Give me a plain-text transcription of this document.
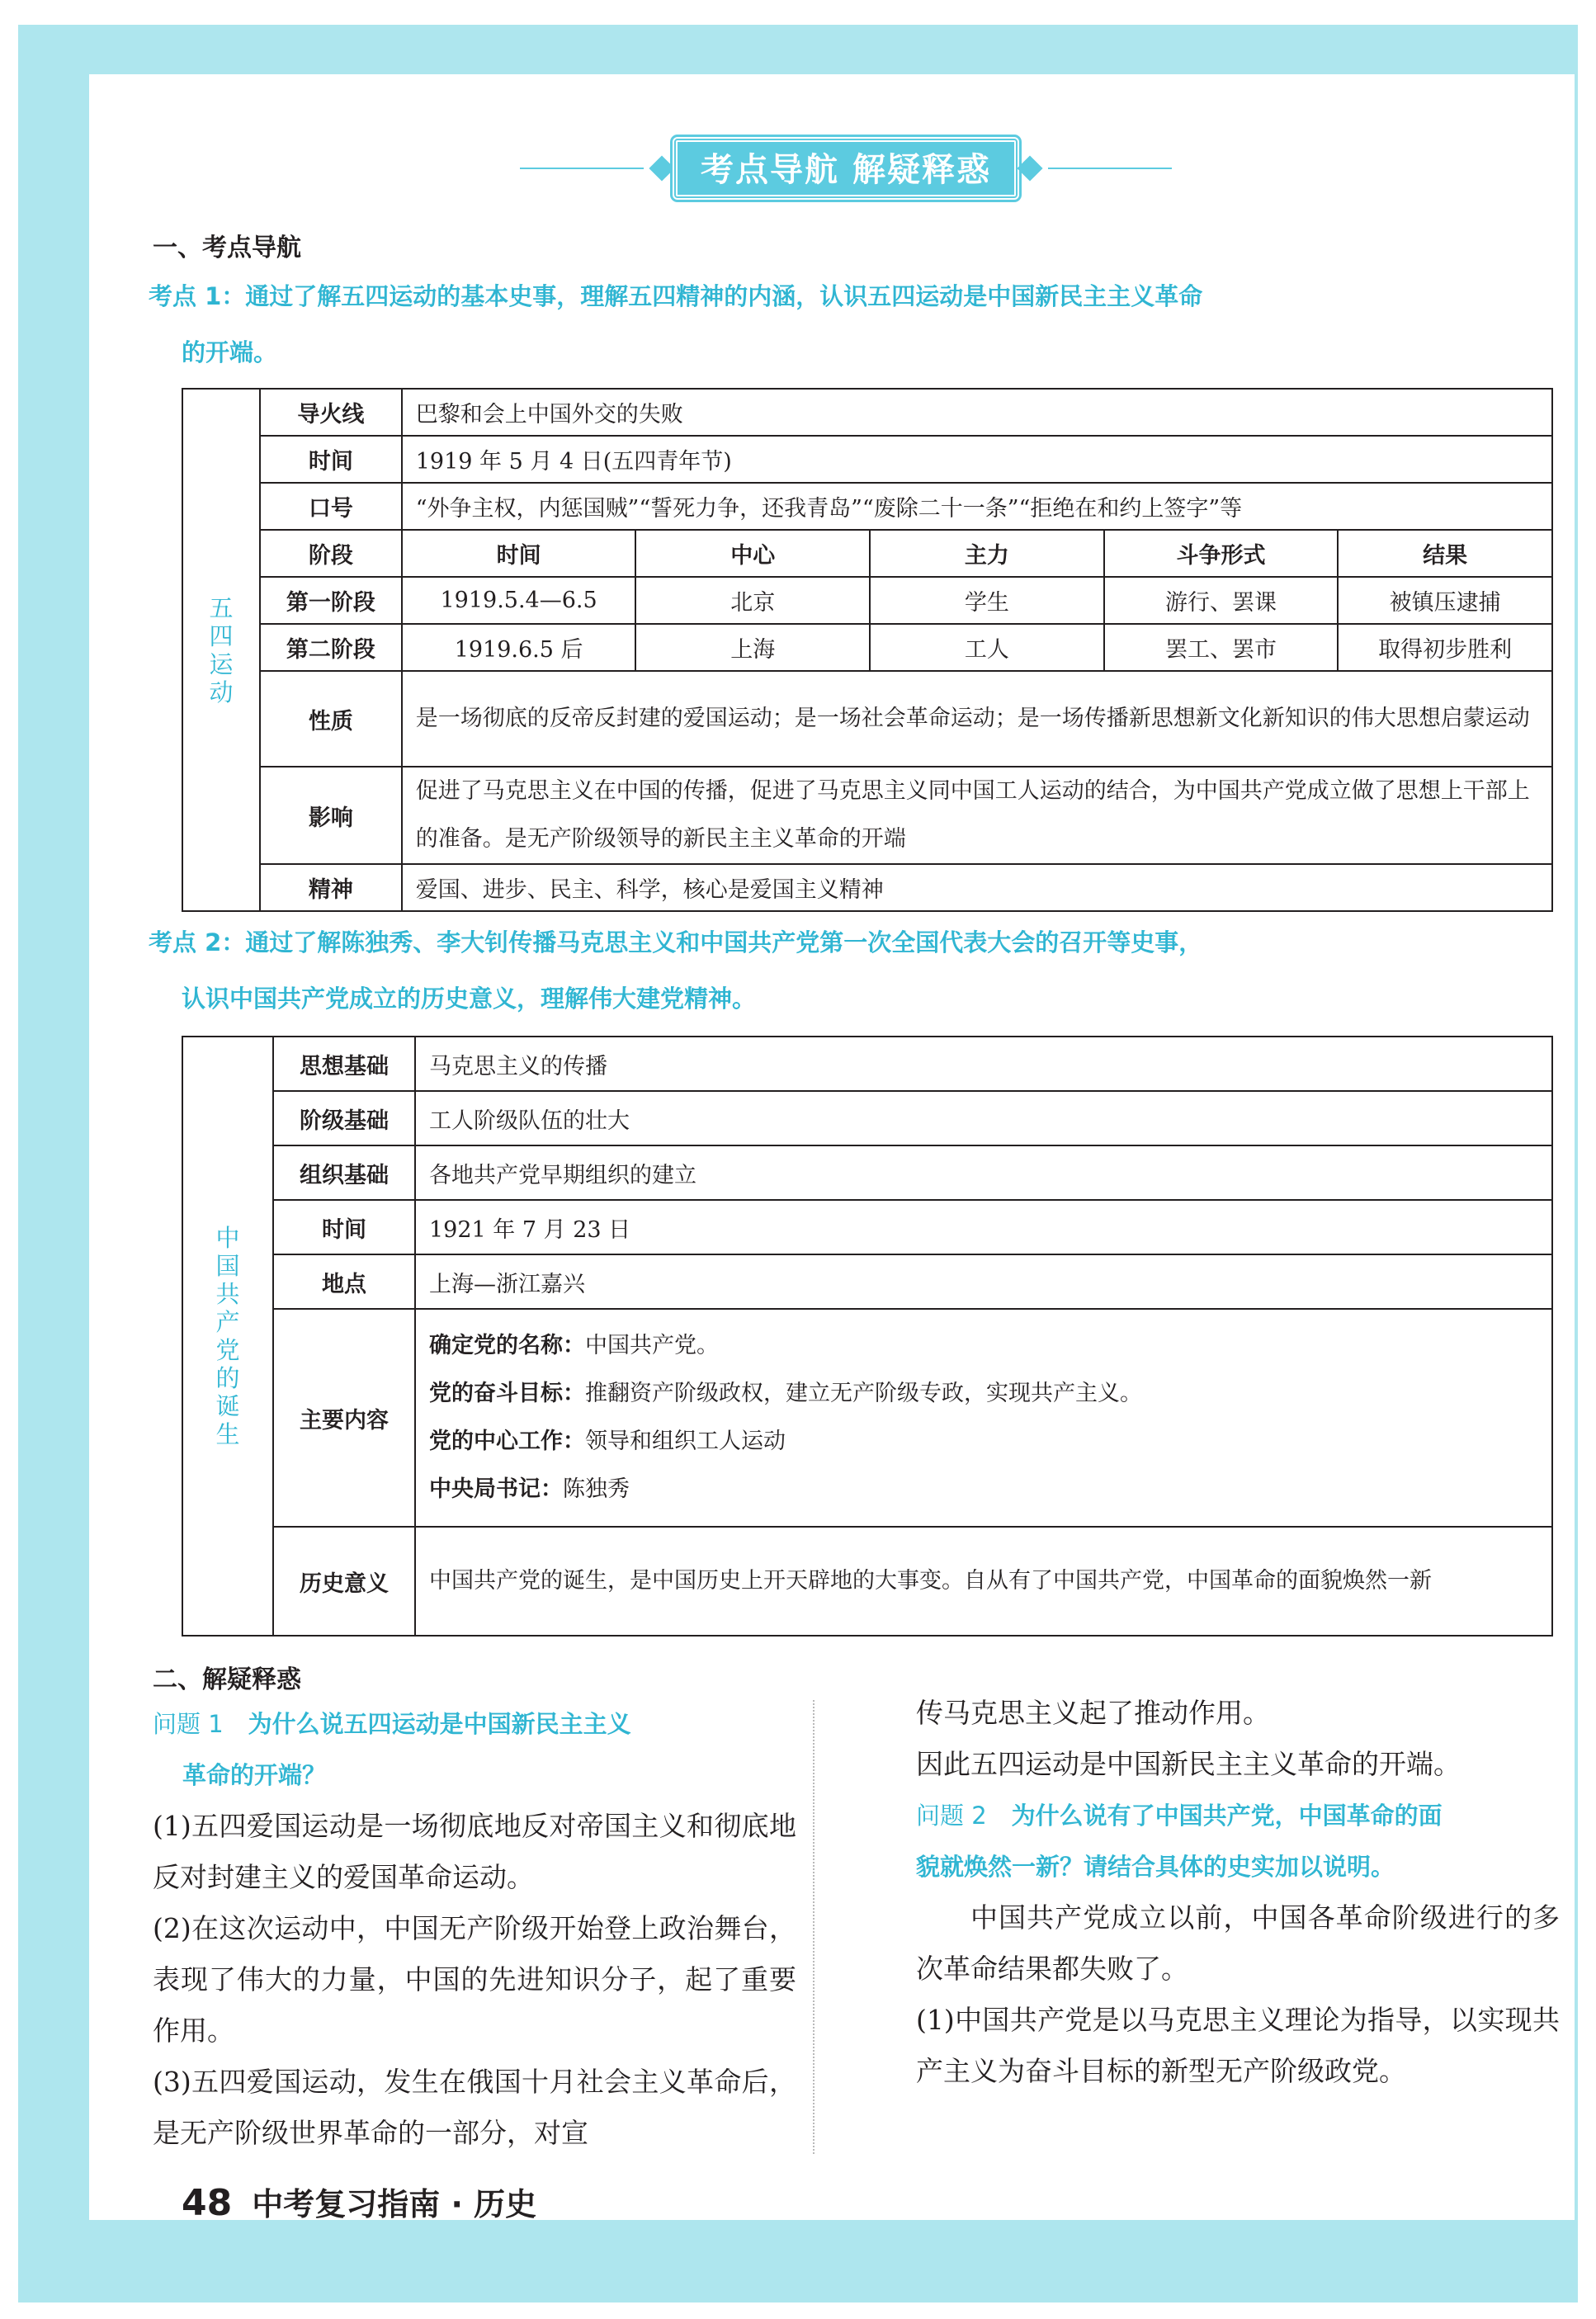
考点导航 解疑释惑
一、考点导航
考点 1：通过了解五四运动的基本史事，理解五四精神的内涵，认识五四运动是中国新民主主义革命
的开端。
五四运动	导火线	巴黎和会上中国外交的失败				
	时间	1919 年 5 月 4 日(五四青年节)				
	口号	“外争主权，内惩国贼”“誓死力争，还我青岛”“废除二十一条”“拒绝在和约上签字”等				
	阶段	时间	中心	主力	斗争形式	结果
	第一阶段	1919.5.4—6.5	北京	学生	游行、罢课	被镇压逮捕
	第二阶段	1919.6.5 后	上海	工人	罢工、罢市	取得初步胜利
	性质	是一场彻底的反帝反封建的爱国运动；是一场社会革命运动；是一场传播新思想新文化新知识的伟大思想启蒙运动				
	影响	促进了马克思主义在中国的传播，促进了马克思主义同中国工人运动的结合，为中国共产党成立做了思想上干部上的准备。是无产阶级领导的新民主主义革命的开端				
	精神	爱国、进步、民主、科学，核心是爱国主义精神				
考点 2：通过了解陈独秀、李大钊传播马克思主义和中国共产党第一次全国代表大会的召开等史事，
认识中国共产党成立的历史意义，理解伟大建党精神。
中国共产党的诞生	思想基础	马克思主义的传播
	阶级基础	工人阶级队伍的壮大
	组织基础	各地共产党早期组织的建立
	时间	1921 年 7 月 23 日
	地点	上海—浙江嘉兴
	主要内容	确定党的名称：中国共产党。
党的奋斗目标：推翻资产阶级政权，建立无产阶级专政，实现共产主义。
党的中心工作：领导和组织工人运动
中央局书记：陈独秀

	历史意义	中国共产党的诞生，是中国历史上开天辟地的大事变。自从有了中国共产党，中国革命的面貌焕然一新
二、解疑释惑
问题 1 为什么说五四运动是中国新民主主义
革命的开端？
(1)五四爱国运动是一场彻底地反对帝国主义和彻底地反对封建主义的爱国革命运动。
(2)在这次运动中，中国无产阶级开始登上政治舞台，表现了伟大的力量，中国的先进知识分子，起了重要作用。
(3)五四爱国运动，发生在俄国十月社会主义革命后，是无产阶级世界革命的一部分，对宣
传马克思主义起了推动作用。
因此五四运动是中国新民主主义革命的开端。
问题 2 为什么说有了中国共产党，中国革命的面
貌就焕然一新？请结合具体的史实加以说明。
中国共产党成立以前，中国各革命阶级进行的多次革命结果都失败了。
(1)中国共产党是以马克思主义理论为指导，以实现共产主义为奋斗目标的新型无产阶级政党。
48 中考复习指南 · 历史
